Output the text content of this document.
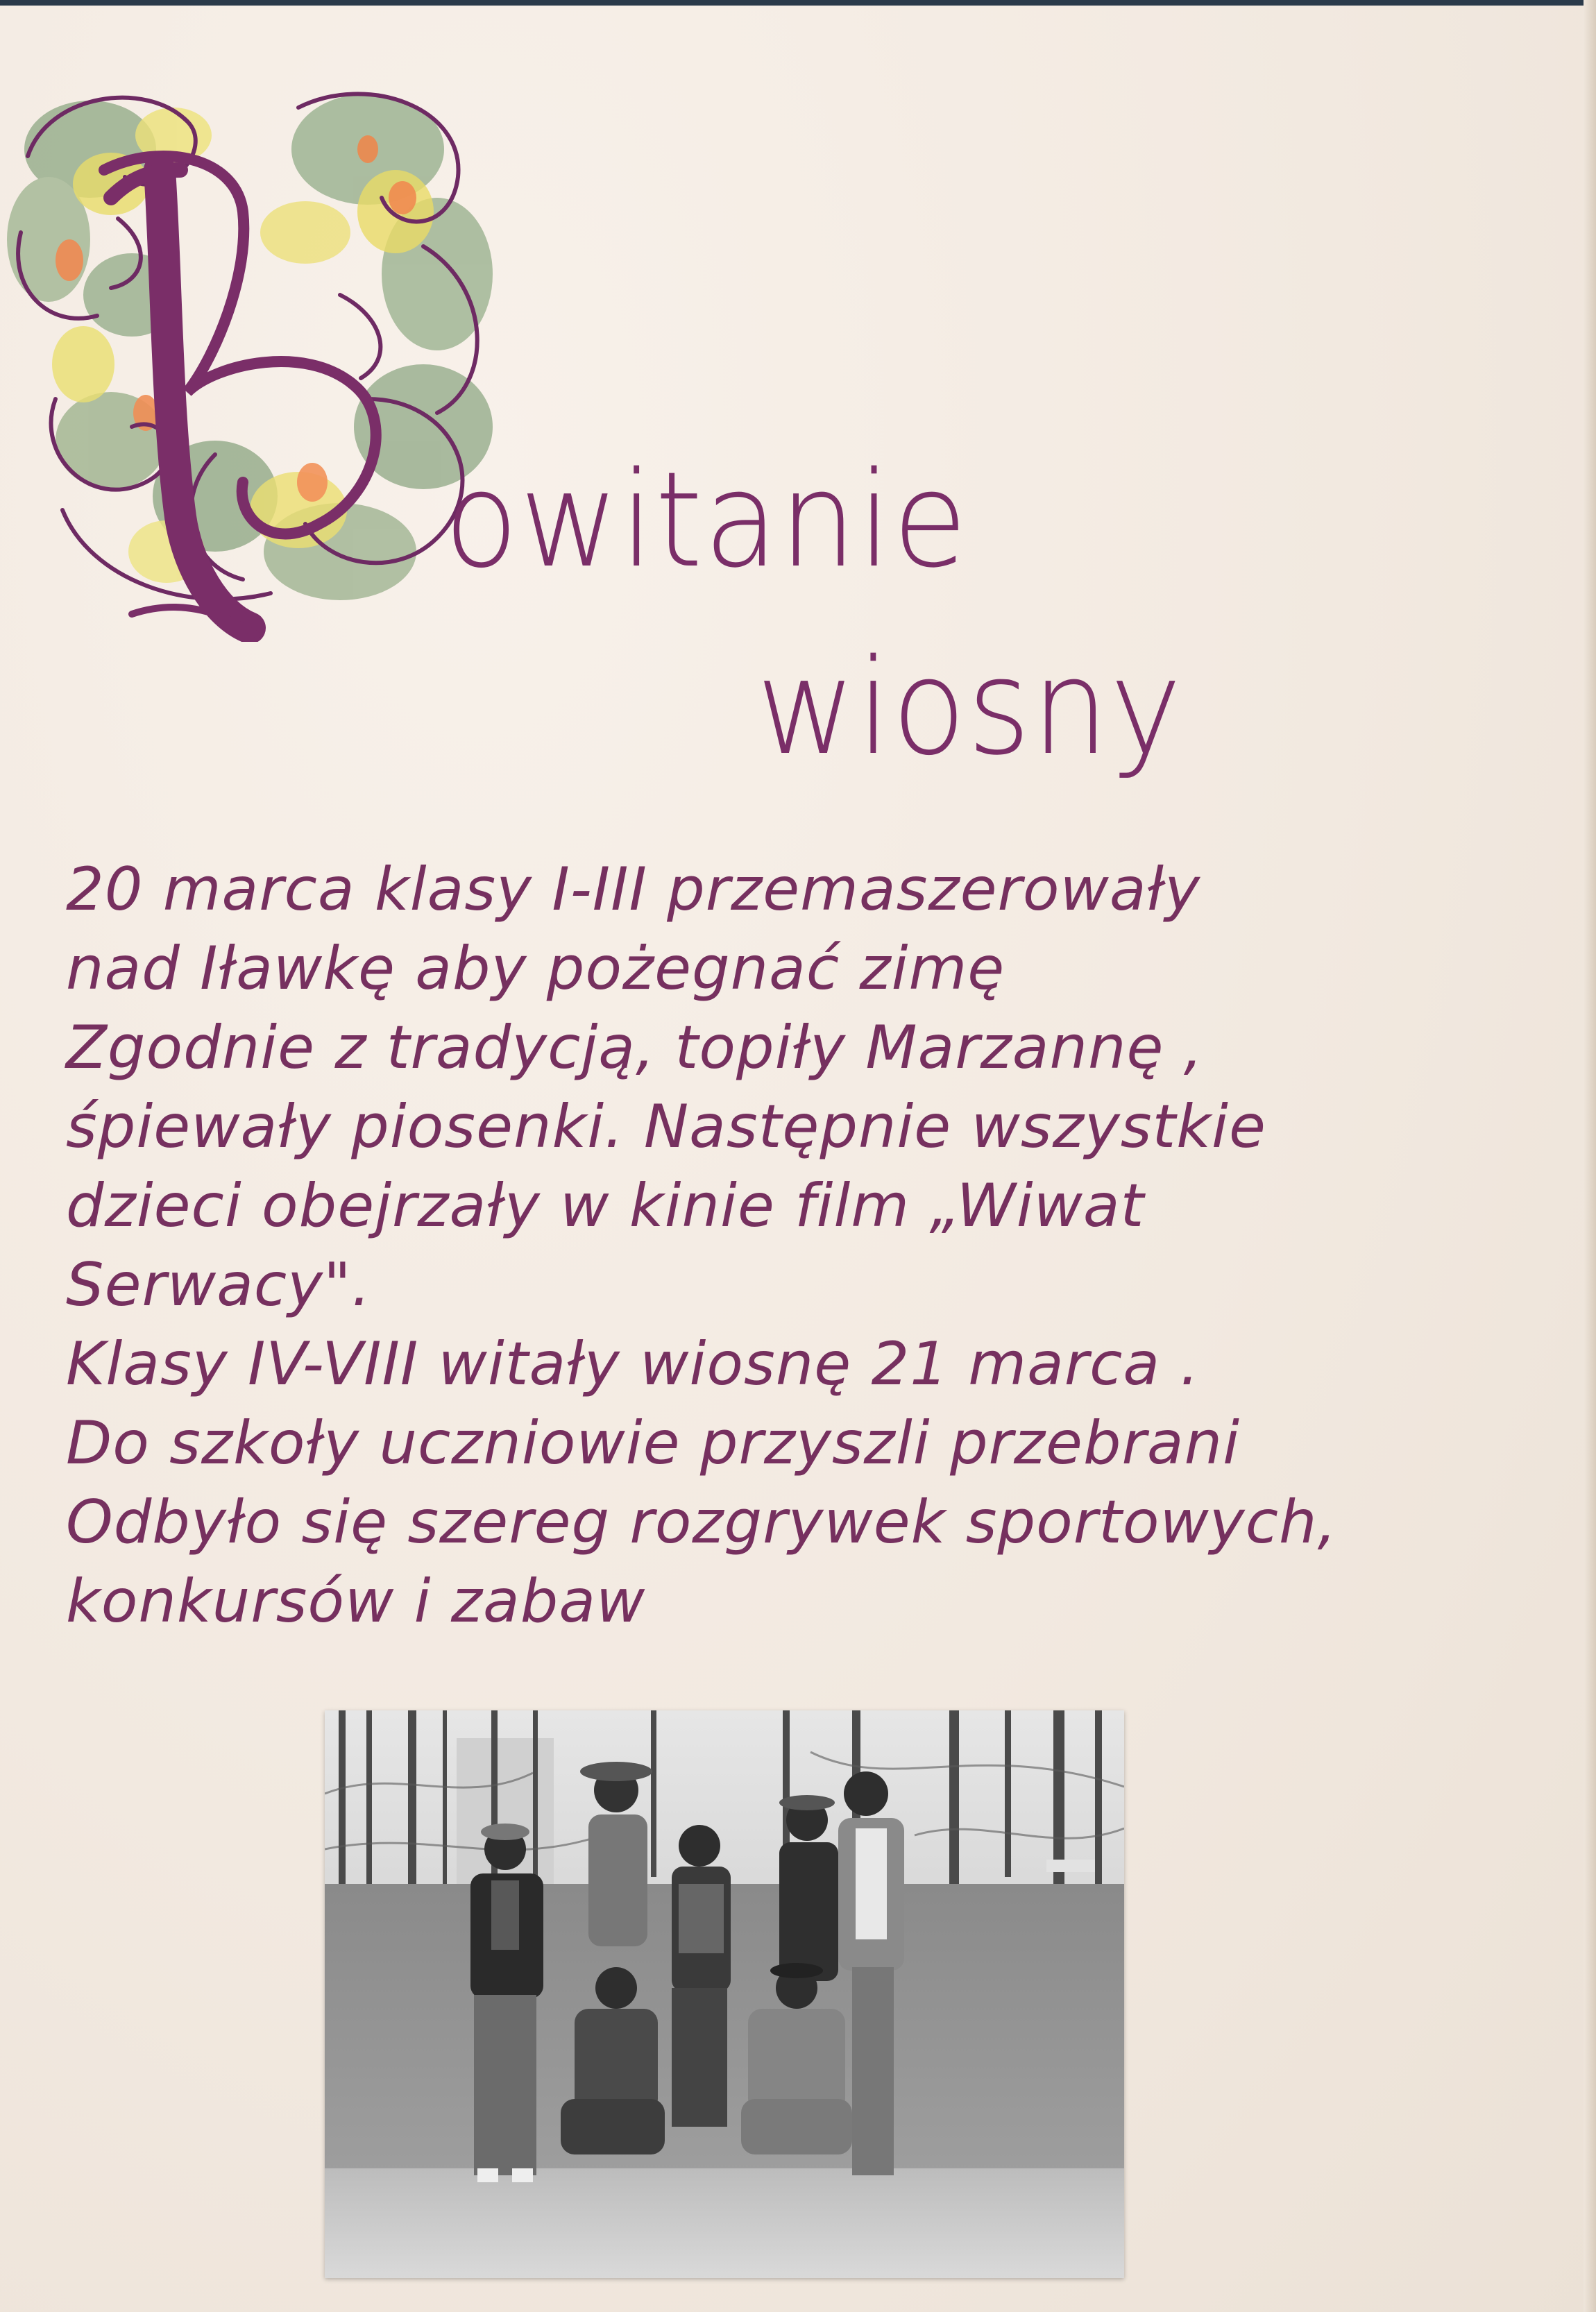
owitanie
wiosny
20 marca klasy I-III przemaszerowały
nad Iławkę aby pożegnać zimę
Zgodnie z tradycją, topiły Marzannę ,
śpiewały piosenki. Następnie wszystkie
dzieci obejrzały w kinie film „Wiwat
Serwacy".
Klasy IV-VIII witały wiosnę 21 marca .
Do szkoły uczniowie przyszli przebrani
Odbyło się szereg rozgrywek sportowych,
konkursów i zabaw
